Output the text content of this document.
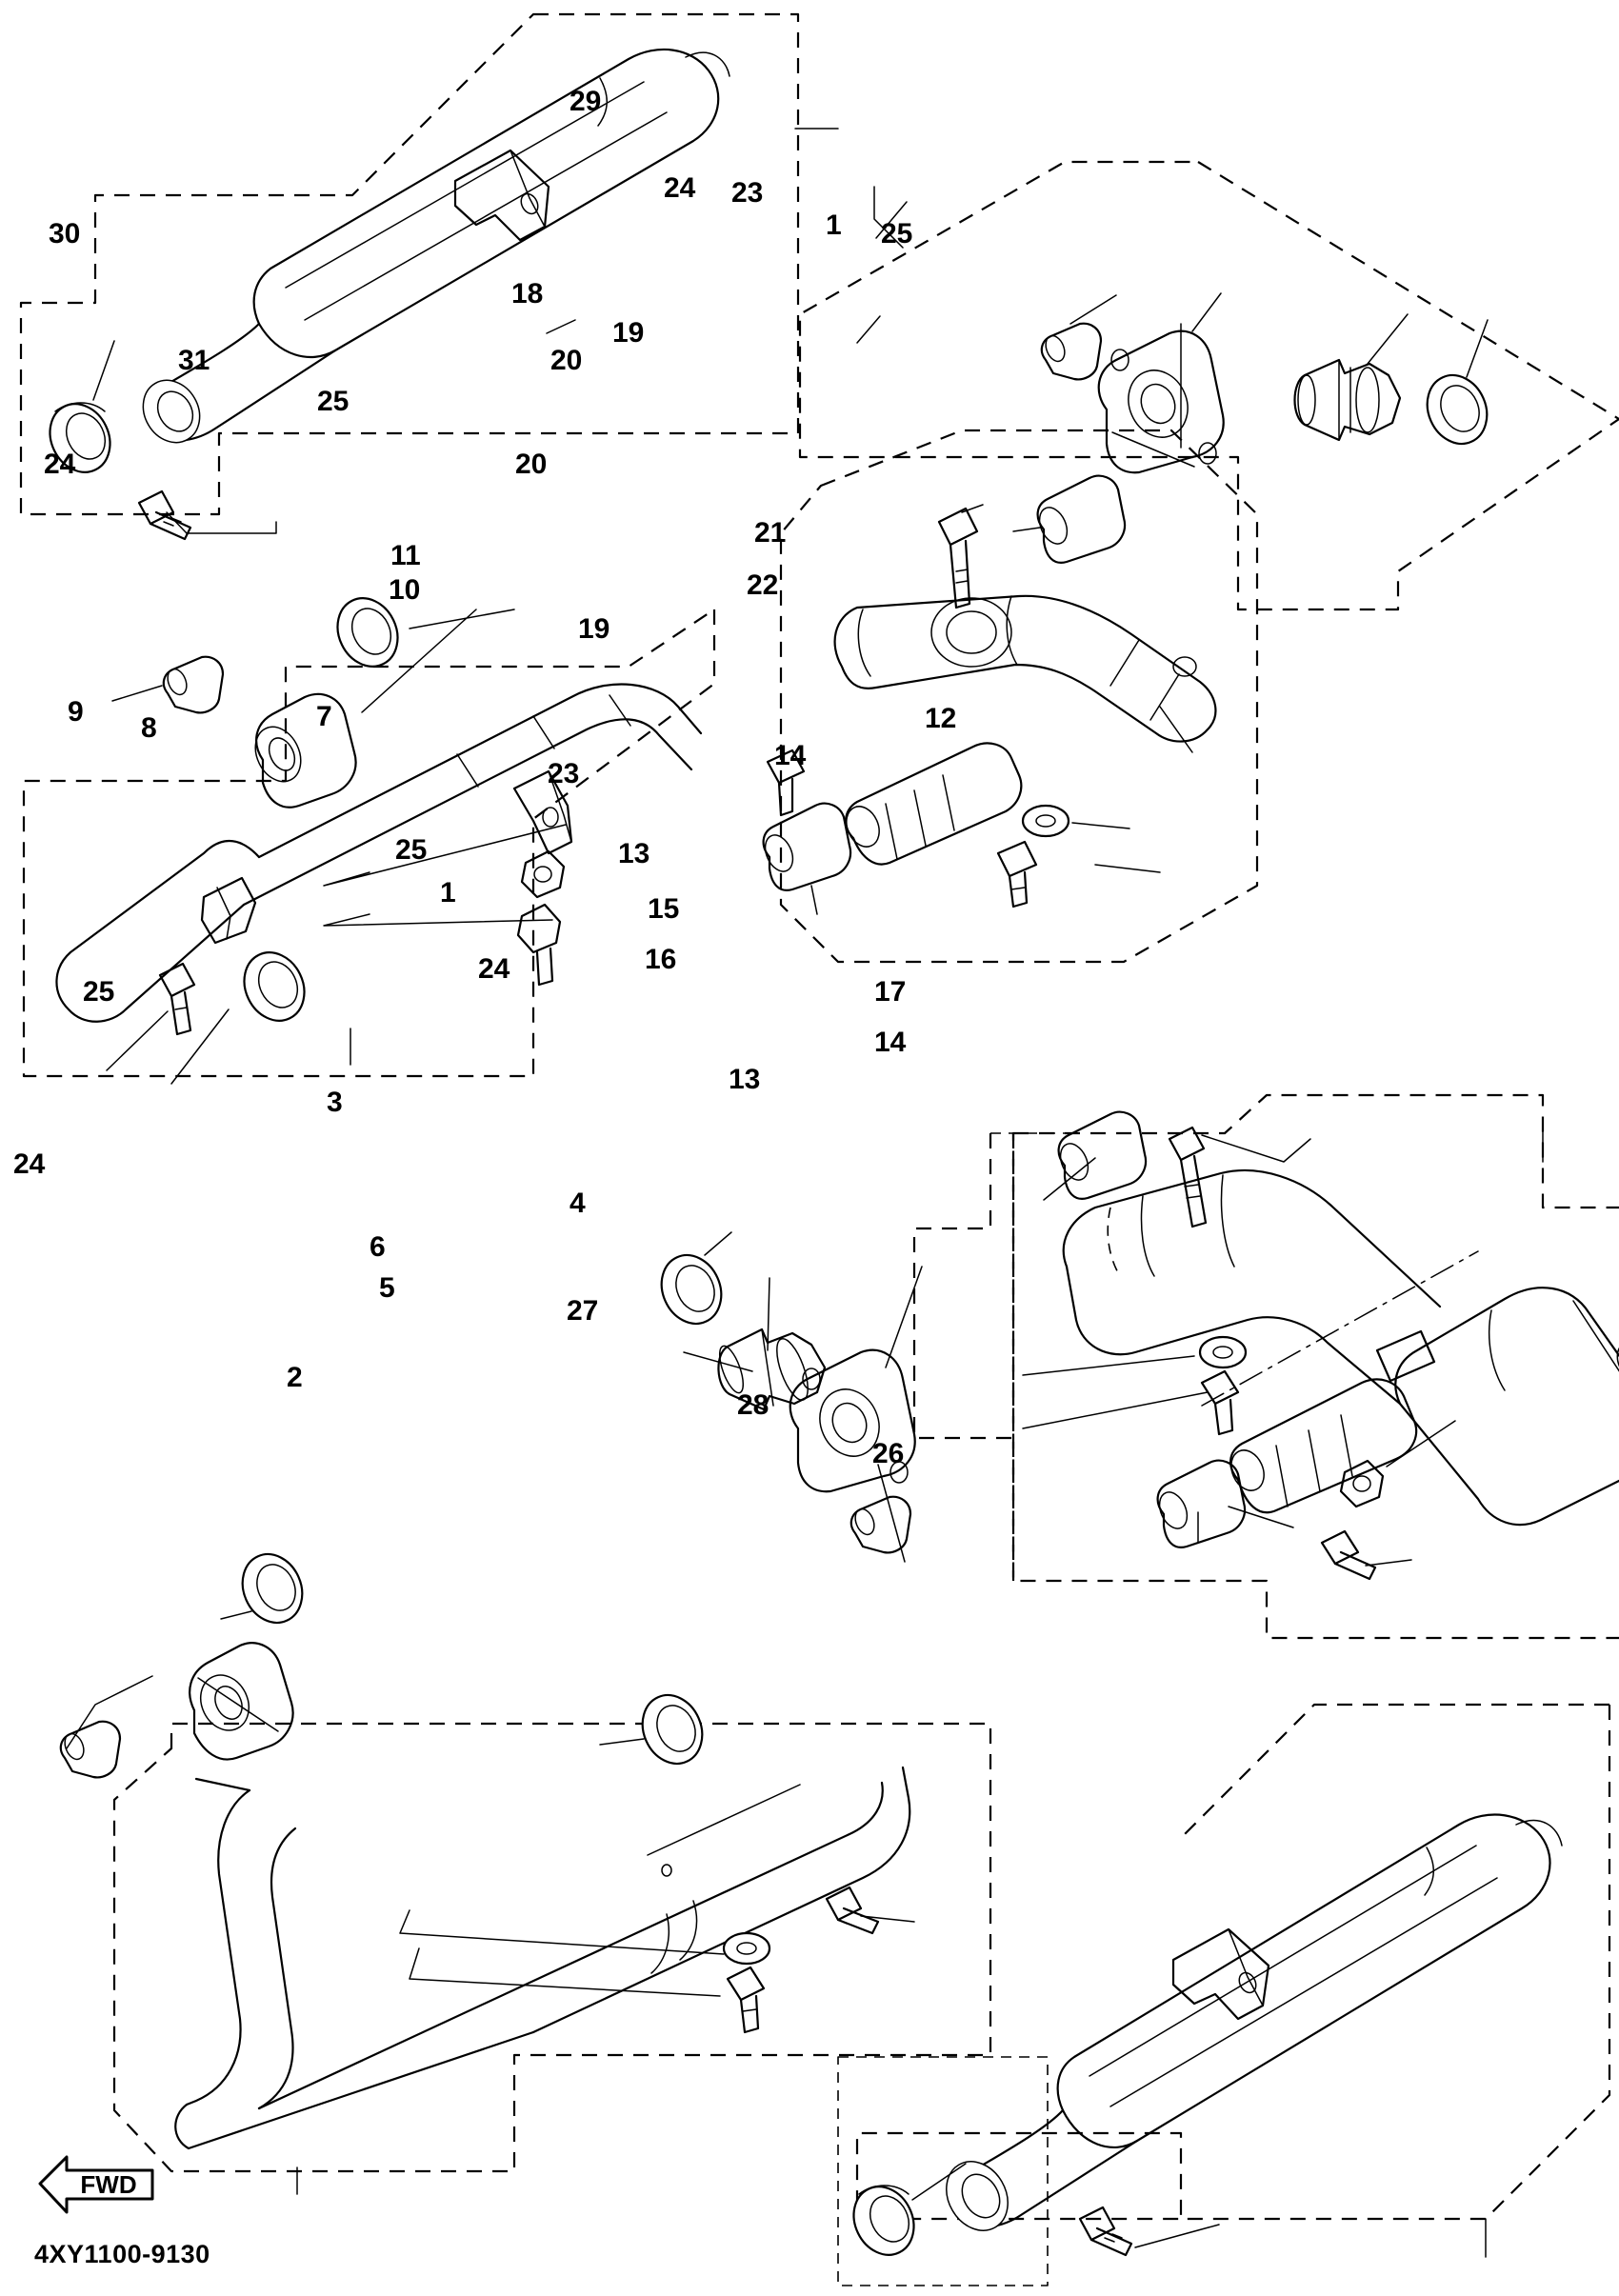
FWD
4XY1100-9130
29
24 23
1 25
30
18
19
20
31
25
24	20
21
11
22
10
19
9
8	7	12
14
23
25	13
1
15
16
24
17
25
14
13
3
24
4
6
5
27
2
28
26
